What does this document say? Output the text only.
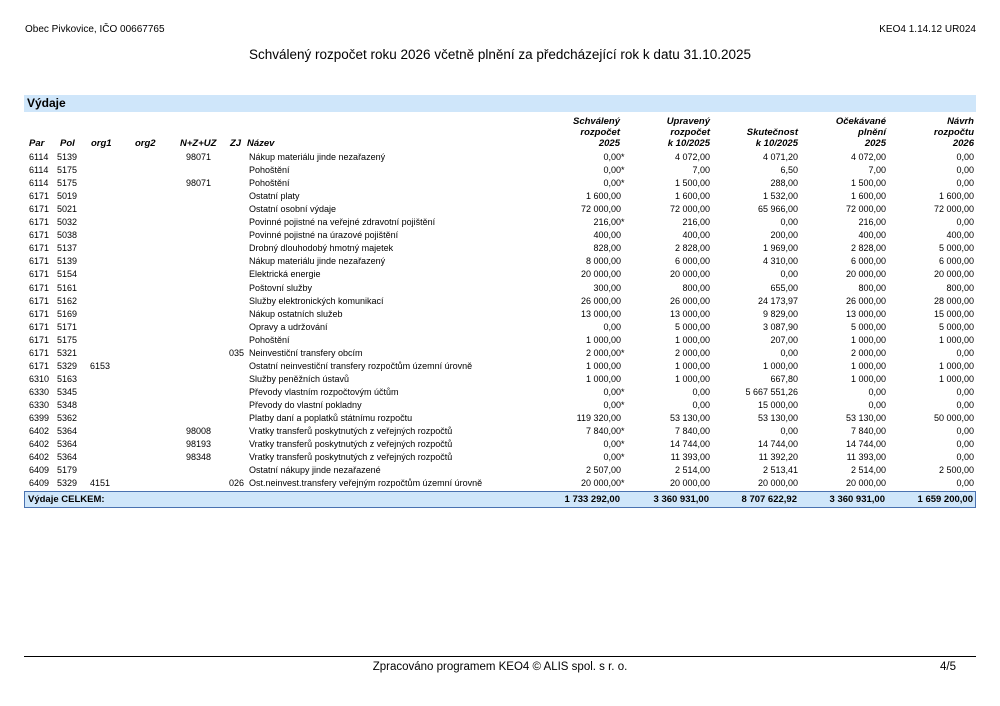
Obec Pivkovice, IČO 00667765	KEO4 1.14.12 UR024
Schválený rozpočet roku 2026 včetně plnění za předcházející rok k datu 31.10.2025
Výdaje
Par Pol org1 org2	N+Z+UZ ZJ Název
Schválený
rozpočet
2025
Upravený
rozpočet
k 10/2025
Skutečnost
k 10/2025
Očekávané
plnění
2025
Návrh
rozpočtu
2026
6114 5139	98071	Nákup materiálu jinde nezařazený	0,00 *	4 072,00	4 071,20	4 072,00	0,00
6114 5175	Pohoštění	0,00 *	7,00	6,50	7,00	0,00
6114 5175	98071	Pohoštění	0,00 *	1 500,00	288,00	1 500,00	0,00
6171 5019	Ostatní platy	1 600,00	1 600,00	1 532,00	1 600,00	1 600,00
6171 5021	Ostatní osobní výdaje	72 000,00	72 000,00	65 966,00	72 000,00	72 000,00
6171 5032	Povinné pojistné na veřejné zdravotní pojištění	216,00 *	216,00	0,00	216,00	0,00
6171 5038	Povinné pojistné na úrazové pojištění	400,00	400,00	200,00	400,00	400,00
6171 5137	Drobný dlouhodobý hmotný majetek	828,00	2 828,00	1 969,00	2 828,00	5 000,00
6171 5139	Nákup materiálu jinde nezařazený	8 000,00	6 000,00	4 310,00	6 000,00	6 000,00
6171 5154	Elektrická energie	20 000,00	20 000,00	0,00	20 000,00	20 000,00
6171 5161	Poštovní služby	300,00	800,00	655,00	800,00	800,00
6171 5162	Služby elektronických komunikací	26 000,00	26 000,00	24 173,97	26 000,00	28 000,00
6171 5169	Nákup ostatních služeb	13 000,00	13 000,00	9 829,00	13 000,00	15 000,00
6171 5171	Opravy a udržování	0,00	5 000,00	3 087,90	5 000,00	5 000,00
6171 5175	Pohoštění	1 000,00	1 000,00	207,00	1 000,00	1 000,00
6171 5321	035 Neinvestiční transfery obcím	2 000,00 *	2 000,00	0,00	2 000,00	0,00
6171 5329 6153	Ostatní neinvestiční transfery rozpočtům územní úrovně	1 000,00	1 000,00	1 000,00	1 000,00	1 000,00
6310 5163	Služby peněžních ústavů	1 000,00	1 000,00	667,80	1 000,00	1 000,00
6330 5345	Převody vlastním rozpočtovým účtům	0,00 *	0,00	5 667 551,26	0,00	0,00
6330 5348	Převody do vlastní pokladny	0,00 *	0,00	15 000,00	0,00	0,00
6399 5362	Platby daní a poplatků státnímu rozpočtu	119 320,00	53 130,00	53 130,00	53 130,00	50 000,00
6402 5364	98008	Vratky transferů poskytnutých z veřejných rozpočtů	7 840,00 *	7 840,00	0,00	7 840,00	0,00
6402 5364	98193	Vratky transferů poskytnutých z veřejných rozpočtů	0,00 *	14 744,00	14 744,00	14 744,00	0,00
6402 5364	98348	Vratky transferů poskytnutých z veřejných rozpočtů	0,00 *	11 393,00	11 392,20	11 393,00	0,00
6409 5179	Ostatní nákupy jinde nezařazené	2 507,00	2 514,00	2 513,41	2 514,00	2 500,00
6409 5329 4151	026 Ost.neinvest.transfery veřejným rozpočtům územní úrovně	20 000,00 *	20 000,00	20 000,00	20 000,00	0,00
Výdaje CELKEM:	1 733 292,00	3 360 931,00	8 707 622,92	3 360 931,00	1 659 200,00
Zpracováno programem KEO4 © ALIS spol. s r. o.	4/5
